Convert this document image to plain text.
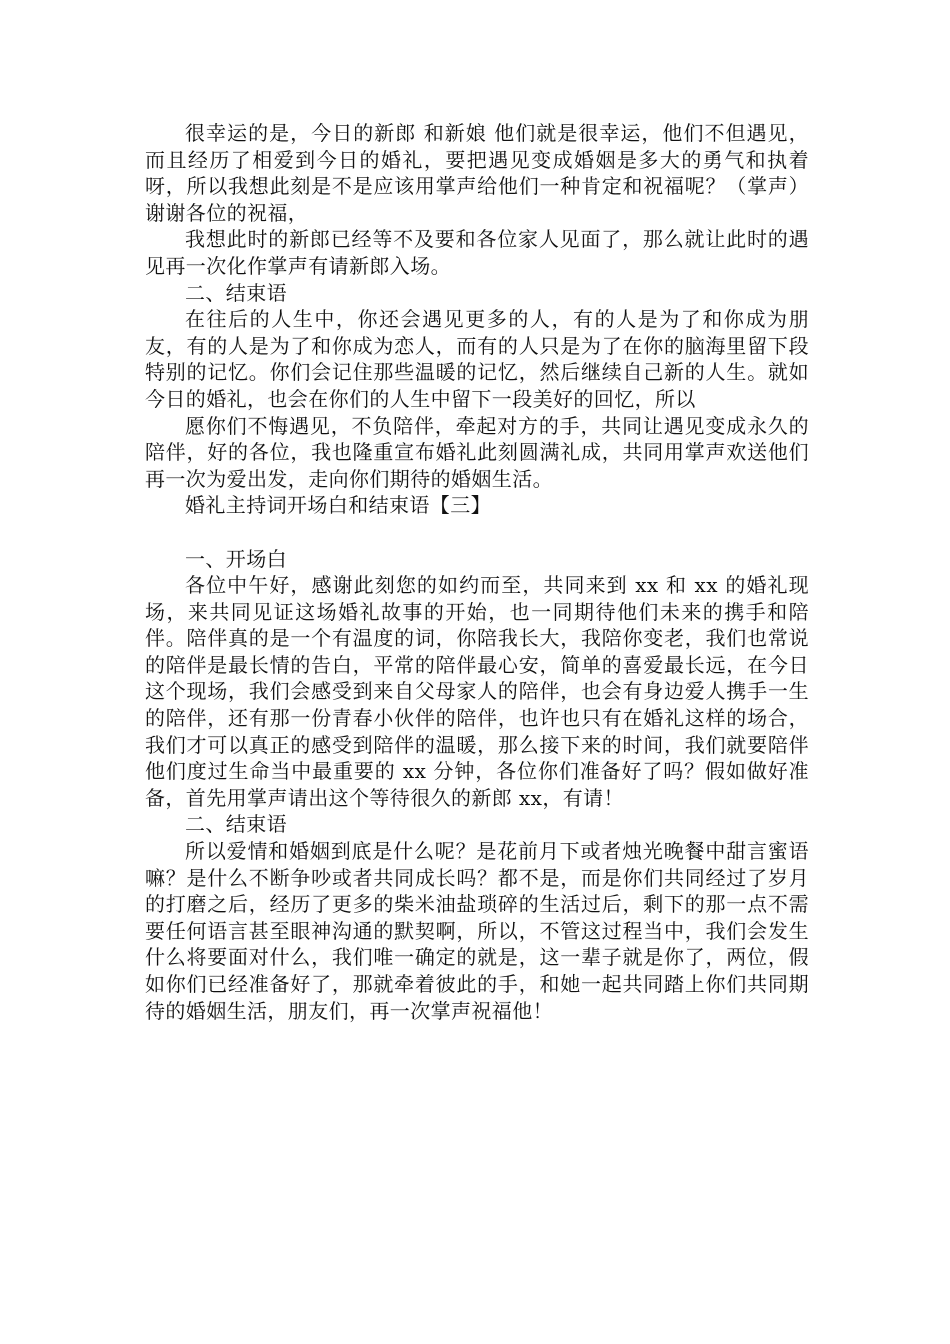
很幸运的是，今日的新郎 和新娘 他们就是很幸运，他们不但遇见，而且经历了相爱到今日的婚礼，要把遇见变成婚姻是多大的勇气和执着呀，所以我想此刻是不是应该用掌声给他们一种肯定和祝福呢？（掌声）谢谢各位的祝福，

我想此时的新郎已经等不及要和各位家人见面了，那么就让此时的遇见再一次化作掌声有请新郎入场。

二、结束语

在往后的人生中，你还会遇见更多的人，有的人是为了和你成为朋友，有的人是为了和你成为恋人，而有的人只是为了在你的脑海里留下段特别的记忆。你们会记住那些温暖的记忆，然后继续自己新的人生。就如今日的婚礼，也会在你们的人生中留下一段美好的回忆，所以

愿你们不悔遇见，不负陪伴，牵起对方的手，共同让遇见变成永久的陪伴，好的各位，我也隆重宣布婚礼此刻圆满礼成，共同用掌声欢送他们再一次为爱出发，走向你们期待的婚姻生活。

婚礼主持词开场白和结束语【三】

一、开场白

各位中午好，感谢此刻您的如约而至，共同来到 xx 和 xx 的婚礼现场，来共同见证这场婚礼故事的开始，也一同期待他们未来的携手和陪伴。陪伴真的是一个有温度的词，你陪我长大，我陪你变老，我们也常说的陪伴是最长情的告白，平常的陪伴最心安，简单的喜爱最长远，在今日这个现场，我们会感受到来自父母家人的陪伴，也会有身边爱人携手一生的陪伴，还有那一份青春小伙伴的陪伴，也许也只有在婚礼这样的场合，我们才可以真正的感受到陪伴的温暖，那么接下来的时间，我们就要陪伴他们度过生命当中最重要的 xx 分钟，各位你们准备好了吗？假如做好准备，首先用掌声请出这个等待很久的新郎 xx，有请！

二、结束语

所以爱情和婚姻到底是什么呢？是花前月下或者烛光晚餐中甜言蜜语嘛？是什么不断争吵或者共同成长吗？都不是，而是你们共同经过了岁月的打磨之后，经历了更多的柴米油盐琐碎的生活过后，剩下的那一点不需要任何语言甚至眼神沟通的默契啊，所以，不管这过程当中，我们会发生什么将要面对什么，我们唯一确定的就是，这一辈子就是你了，两位，假如你们已经准备好了，那就牵着彼此的手，和她一起共同踏上你们共同期待的婚姻生活，朋友们，再一次掌声祝福他！
